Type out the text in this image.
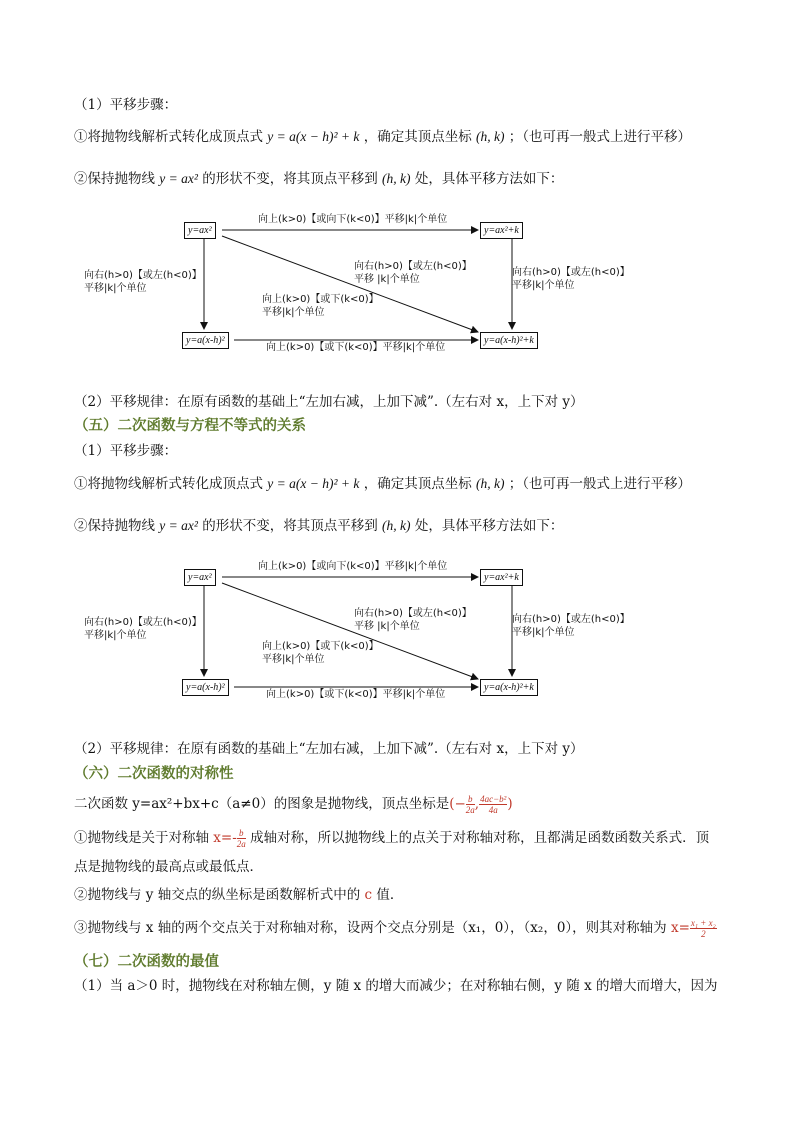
（1）平移步骤：
①将抛物线解析式转化成顶点式 y = a(x − h)² + k ，确定其顶点坐标 (h, k) ；（也可再一般式上进行平移）
②保持抛物线 y = ax² 的形状不变，将其顶点平移到 (h, k) 处，具体平移方法如下：
y=ax²	y=ax²+k
y=a(x-h)²	y=a(x-h)²+k
向上(k>0)【或向下(k<0)】平移|k|个单位
向右(h>0)【或左(h<0)】
平移|k|个单位
向右(h>0)【或左(h<0)】
平移|k|个单位
向右(h>0)【或左(h<0)】
平移 |k|个单位
向上(k>0)【或下(k<0)】
平移|k|个单位
向上(k>0)【或下(k<0)】平移|k|个单位
（2）平移规律：在原有函数的基础上“左加右减，上加下减”.（左右对 x，上下对 y）
（五）二次函数与方程不等式的关系
（1）平移步骤：
①将抛物线解析式转化成顶点式 y = a(x − h)² + k ，确定其顶点坐标 (h, k) ；（也可再一般式上进行平移）
②保持抛物线 y = ax² 的形状不变，将其顶点平移到 (h, k) 处，具体平移方法如下：
y=ax²	y=ax²+k
y=a(x-h)²	y=a(x-h)²+k
向上(k>0)【或向下(k<0)】平移|k|个单位
向右(h>0)【或左(h<0)】
平移|k|个单位
向右(h>0)【或左(h<0)】
平移|k|个单位
向右(h>0)【或左(h<0)】
平移 |k|个单位
向上(k>0)【或下(k<0)】
平移|k|个单位
向上(k>0)【或下(k<0)】平移|k|个单位
（2）平移规律：在原有函数的基础上“左加右减，上加下减”.（左右对 x，上下对 y）
（六）二次函数的对称性
二次函数 y=ax²+bx+c（a≠0）的图象是抛物线，顶点坐标是(− $\frac{b}{2a}$ , $\frac{\text{4ac−b²}}{4a}$ )
①抛物线是关于对称轴 $x=- \frac{b}{2a}$ 成轴对称，所以抛物线上的点关于对称轴对称，且都满足函数函数关系式．顶
点是抛物线的最高点或最低点．
②抛物线与 y 轴交点的纵坐标是函数解析式中的 c 值．
③抛物线与 x 轴的两个交点关于对称轴对称，设两个交点分别是（x₁，0），（x₂，0），则其对称轴为 $x= \frac{\text{x₁ + x₂}}{2}$
（七）二次函数的最值
（1）当 a＞0 时，抛物线在对称轴左侧，y 随 x 的增大而减少；在对称轴右侧，y 随 x 的增大而增大，因为
